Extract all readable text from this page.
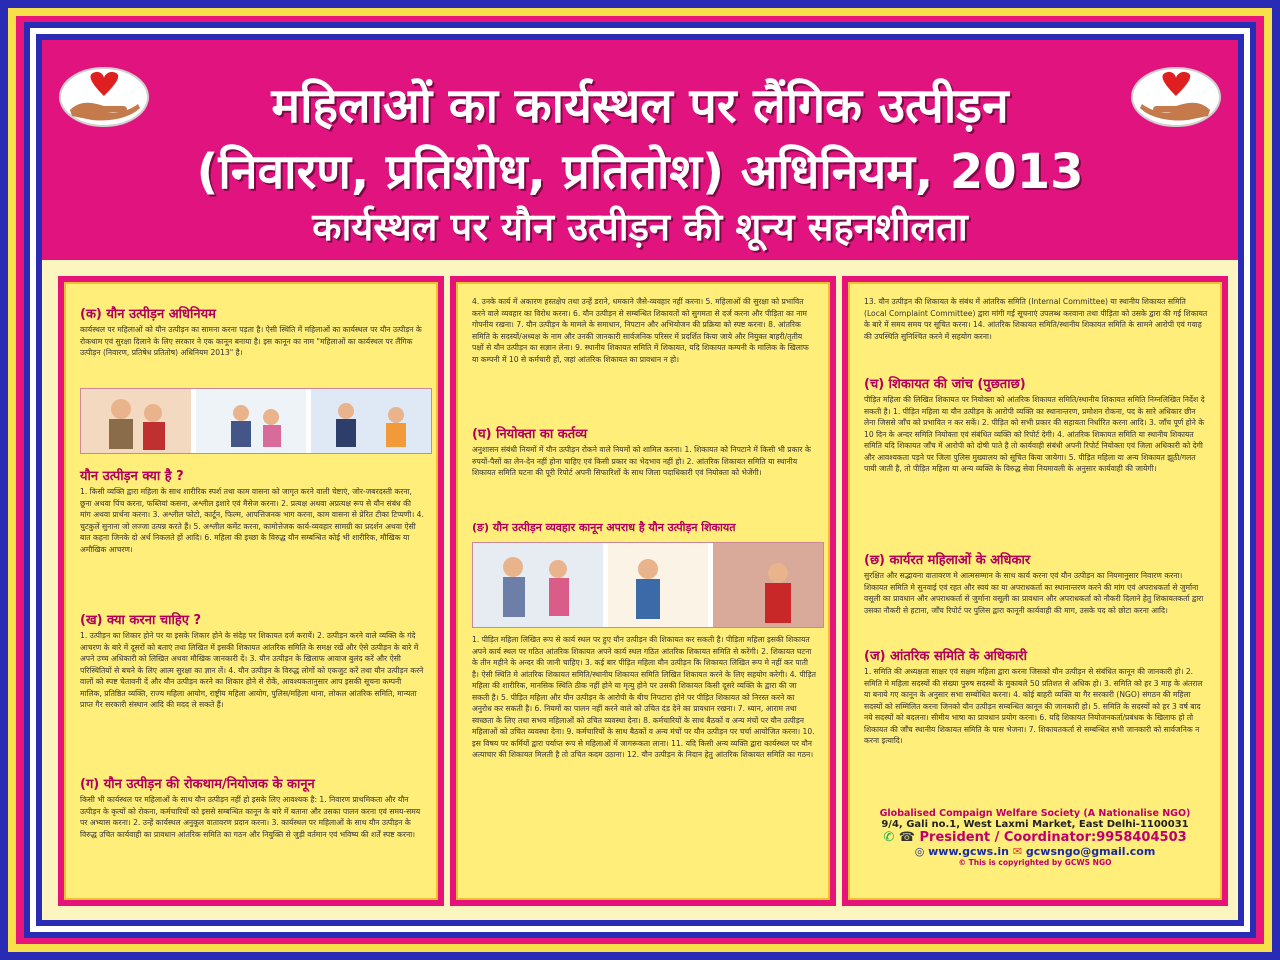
महिलाओं का कार्यस्थल पर लैंगिक उत्पीड़न
(निवारण, प्रतिशोध, प्रतितोश) अधिनियम, 2013
कार्यस्थल पर यौन उत्पीड़न की शून्य सहनशीलता
(क) यौन उत्पीड़न अधिनियम

कार्यस्थल पर महिलाओं को यौन उत्पीड़न का सामना करना पड़ता है। ऐसी स्थिति में महिलाओं का कार्यस्थल पर यौन उत्पीड़न के रोकथाम एवं सुरक्षा दिलाने के लिए सरकार ने एक कानून बनाया है। इस कानून का नाम "महिलाओं का कार्यस्थल पर लैंगिक उत्पीड़न (निवारण, प्रतिषेध प्रतितोष) अधिनियम 2013" है।

यौन उत्पीड़न क्या है ?

1. किसी व्यक्ति द्वारा महिला के साथ शारीरिक स्पर्श तथा काम वासना को जागृत करने वाली चेष्टाएं, जोर-जबरदस्ती करना, छूना अथवा पिंच करना, फब्तियां कसना, अश्लील इशारे एवं मैसेज करना। 2. प्रत्यक्ष अथवा अप्रत्यक्ष रूप से यौन संबंध की मांग अथवा प्रार्थना करना। 3. अश्लील फोटो, कार्टून, फिल्म, आपत्तिजनक भाग करना, काम वासना से प्रेरित टीका टिप्पणी। 4. चुटकुलें सुनाना जो लज्जा उत्पन्न करते हैं। 5. अश्लील कमेंट करना, कामोत्तेजक कार्य-व्यवहार सामग्री का प्रदर्शन अथवा ऐसी बात कहना जिनके दो अर्थ निकलते हों आदि। 6. महिला की इच्छा के विरुद्ध यौन सम्बन्धित कोई भी शारीरिक, मौखिक या अमौखिक आचरण।

(ख) क्या करना चाहिए ?

1. उत्पीड़न का शिकार होने पर या इसके शिकार होने के संदेह पर शिकायत दर्ज करायें। 2. उत्पीड़न करने वाले व्यक्ति के गंदे आचरण के बारे में दूसरों को बताएं तथा लिखित में इसकी शिकायत आंतरिक समिति के समक्ष रखें और ऐसे उत्पीड़न के बारे में अपने उच्च अधिकारी को लिखित अथवा मौखिक जानकारी दें। 3. यौन उत्पीड़न के खिलाफ आवाज बुलंद करें और ऐसी परिस्थितियों से बचने के लिए आत्म सुरक्षा का ज्ञान लें। 4. यौन उत्पीड़न के विरुद्ध लोगों को एकजुट करें तथा यौन उत्पीड़न करने वालों को स्पष्ट चेतावनी दें और यौन उत्पीड़न करने का शिकार होने से रोकें, आवश्यकतानुसार आप इसकी सूचना कम्पनी मालिक, प्रतिष्ठित व्यक्ति, राज्य महिला आयोग, राष्ट्रीय महिला आयोग, पुलिस/महिला थाना, लोकल आंतरिक समिति, मान्यता प्राप्त गैर सरकारी संस्थान आदि की मदद ले सकते हैं।

(ग) यौन उत्पीड़न की रोकथाम/नियोजक के कानून

किसी भी कार्यस्थल पर महिलाओं के साथ यौन उत्पीड़न नहीं हो इसके लिए आवश्यक है: 1. निवारण प्राथमिकता और यौन उत्पीड़न के कृत्यों को रोकना, कर्मचारियों को इससे सम्बन्धित कानून के बारे में बताना और उसका पालन करना एवं समय-समय पर अभ्यास करना। 2. उन्हें कार्यस्थल अनुकूल वातावरण प्रदान करना। 3. कार्यस्थल पर महिलाओं के साथ यौन उत्पीड़न के विरुद्ध उचित कार्यवाही का प्रावधान आंतरिक समिति का गठन और नियुक्ति से जुड़ी वर्तमान एवं भविष्य की शर्तें स्पष्ट करना।

4. उनके कार्य में अकारण हस्तक्षेप तथा उन्हें डराने, धमकाने जैसे-व्यवहार नहीं करना। 5. महिलाओं की सुरक्षा को प्रभावित करने वाले व्यवहार का विरोध करना। 6. यौन उत्पीड़न से सम्बन्धित शिकायतों को सुगमता से दर्ज करना और पीड़िता का नाम गोपनीय रखना। 7. यौन उत्पीड़न के मामले के समाधान, निपटान और अभियोजन की प्रक्रिया को स्पष्ट करना। 8. आंतरिक समिति के सदस्यों/अध्यक्ष के नाम और उनकी जानकारी सार्वजनिक परिसर में प्रदर्शित किया जाये और नियुक्त बाहरी/तृतीय पक्षों से यौन उत्पीड़न का सज्ञान लेना। 9. स्थानीय शिकायत समिति में शिकायत, यदि शिकायत कम्पनी के मालिक के खिलाफ या कम्पनी में 10 से कर्मचारी हों, जहां आंतरिक शिकायत का प्रावधान न हो।

(घ) नियोक्ता का कर्तव्य

अनुशासन संबंधी नियमों में यौन उत्पीड़न रोकने वाले नियमों को शामिल करना। 1. शिकायत को निपटाने में किसी भी प्रकार के रुपयों-पैसों का लेन-देन नहीं होना चाहिए एवं किसी प्रकार का भेदभाव नहीं हो। 2. आंतरिक शिकायत समिति या स्थानीय शिकायत समिति घटना की पूरी रिपोर्ट अपनी सिफारिशों के साथ जिला पदाधिकारी एवं नियोक्ता को भेजेंगी।

(ङ) यौन उत्पीड़न व्यवहार कानून अपराध है यौन उत्पीड़न शिकायत

1. पीड़ित महिला लिखित रूप से कार्य स्थल पर हुए यौन उत्पीड़न की शिकायत कर सकती है। पीड़िता महिला इसकी शिकायत अपने कार्य स्थल पर गठित आंतरिक शिकायत अपने कार्य स्थल गठित आंतरिक शिकायत समिति से करेंगी। 2. शिकायत घटना के तीन महीने के अन्दर की जानी चाहिए। 3. कई बार पीड़ित महिला यौन उत्पीड़न कि शिकायत लिखित रूप मे नहीं कर पाती है। ऐसी स्थिति मे आंतरिक शिकायत समिति/स्थानीय शिकायत समिति लिखित शिकायत करने के लिए सहयोग करेगी। 4. पीड़ित महिला की शारीरिक, मानसिक स्थिति ठीक नहीं होने या मृत्यु होने पर उसकी शिकायत किसी दूसरे व्यक्ति के द्वारा की जा सकती है। 5. पीड़ित महिला और यौन उत्पीड़न के आरोपी के बीच निपटारा होने पर पीड़ित शिकायत को निरस्त करने का अनुरोध कर सकती है। 6. नियमों का पालन नहीं करने वाले को उचित दंड देने का प्रावधान रखना। 7. ध्यान, आराम तथा स्वच्छता के लिए तथा सभव महिलाओं को उचित व्यवस्था देना। 8. कर्मचारियों के साथ बैठकों व अन्य मंचों पर यौन उत्पीड़न महिलाओं को उचित व्यवस्था देना। 9. कर्मचारियों के साथ बैठकों व अन्य मंचों पर यौन उत्पीड़न पर चर्चा आयोजित करना। 10. इस विषय पर कर्मियों द्वारा पर्याप्त रूप से महिलाओं में जागरूकता लाना। 11. यदि किसी अन्य व्यक्ति द्वारा कार्यस्थल पर यौन अत्याचार की शिकायत मिलती है तो उचित कदम उठाना। 12. यौन उत्पीड़न के निदान हेतु आंतरिक शिकायत समिति का गठन।

13. यौन उत्पीड़न की शिकायत के संबंध में आंतरिक समिति (Internal Committee) या स्थानीय शिकायत समिति (Local Complaint Committee) द्वारा मांगी गई सूचनाएं उपलब्ध करवाना तथा पीड़िता को उसके द्वारा की गई शिकायत के बारे में समय समय पर सूचित करना। 14. आंतरिक शिकायत समिति/स्थानीय शिकायत समिति के सामने आरोपी एवं गवाह की उपस्थिति सुनिश्चित करने में सहयोग करना।

(च) शिकायत की जांच (पुछताछ)

पीड़ित महिला की लिखित शिकायत पर नियोक्ता को आंतरिक शिकायत समिति/स्थानीय शिकायत समिति निम्नलिखित निर्देश दे सकती है। 1. पीड़ित महिला या यौन उत्पीड़न के आरोपी व्यक्ति का स्थानान्तरण, प्रमोशन रोकना, पद के सारे अधिकार छीन लेना जिससे जाँच को प्रभावित न कर सकें। 2. पीड़ित को सभी प्रकार की सहायता निर्धारित करना आदि। 3. जाँच पूर्ण होने के 10 दिन के अन्दर समिति नियोक्ता एवं संबंधित व्यक्ति को रिपोर्ट देगी। 4. आंतरिक शिकायत समिति या स्थानीय शिकायत समिति यदि शिकायत जाँच में आरोपी को दोषी पाते है तो कार्यवाही संबंधी अपनी रिपोर्ट नियोक्ता एवं जिला अधिकारी को देगी और आवश्यकता पड़ने पर जिला पुलिस मुख्यालय को सूचित किया जायेगा। 5. पीड़ित महिला या अन्य शिकायत झूठी/गलत पायी जाती है, तो पीड़ित महिला या अन्य व्यक्ति के विरुद्ध सेवा नियमावली के अनुसार कार्यवाही की जायेगी।

(छ) कार्यरत महिलाओं के अधिकार

सुरक्षित और सद्भावना वातावरण मे आत्मसम्मान के साथ कार्य करना एवं यौन उत्पीड़न का नियमानुसार निवारण करना। शिकायत समिति मे सुनवाई एवं रहत और स्वयं का या अपराधकर्ता का स्थानान्तरण करने की मांग एवं अपराधकर्ता से जुर्माना वसूली का प्रावधान और अपराधकर्ता से जुर्माना वसूली का प्रावधान और अपराधकर्ता को नौकरी दिलाने हेतु शिकायतकर्ता द्वारा उसका नौकरी से हटाना, जाँच रिपोर्ट पर पुलिस द्वारा कानूनी कार्यवाही की माग, उसके पद को छोटा करना आदि।

(ज) आंतरिक समिति के अधिकारी

1. समिति की अध्यक्षता साक्षर एवं सक्षम महिला द्वारा करना जिसको यौन उत्पीड़न से संबंधित कानून की जानकारी हो। 2. समिति मे महिला सदस्यों की संख्या पुरुष सदस्यों के मुकाबले 50 प्रतिशत से अधिक हो। 3. समिति को हर 3 माह के अंतराल या बनाये गए कानून के अनुसार सभा सम्बोधित करना। 4. कोई बाहरी व्यक्ति या गैर सरकारी (NGO) संगठन की महिला सदस्यों को सम्मिलित करना जिनको यौन उत्पीड़न सम्बन्धित कानून की जानकारी हो। 5. समिति के सदस्यों को हर 3 वर्ष बाद नये सदस्यों को बदलना। सीमीय भाषा का प्रावधान प्रयोग करना। 6. यदि शिकायत नियोजनकर्ता/प्रबंधक के खिलाफ हो तो शिकायत की जाँच स्थानीय शिकायत समिति के पास भेजना। 7. शिकायतकर्ता से सम्बन्धित सभी जानकारी को सार्वजनिक न करना इत्यादि।

Globalised Compaign Welfare Society (A Nationalise NGO)
9/4, Gali no.1, West Laxmi Market, East Delhi-1100031
✆ ☎ President / Coordinator:9958404503
◎ www.gcws.in ✉ gcwsngo@gmail.com
© This is copyrighted by GCWS NGO
